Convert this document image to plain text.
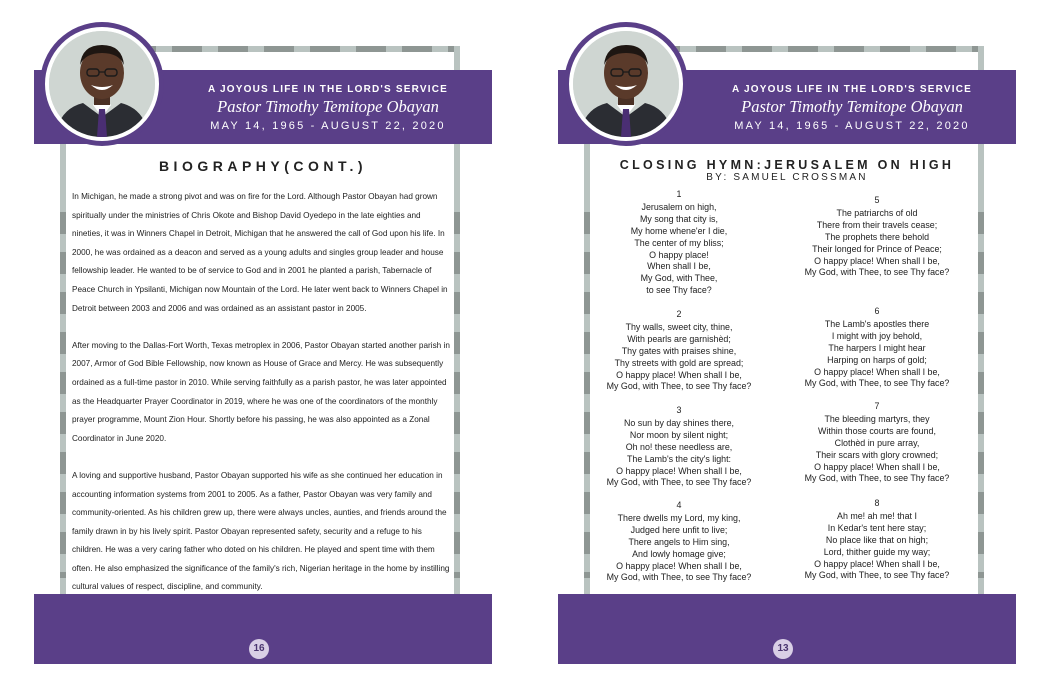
A JOYOUS LIFE IN THE LORD'S SERVICE
Pastor Timothy Temitope Obayan
MAY 14, 1965 - AUGUST 22, 2020
BIOGRAPHY(CONT.)

In Michigan, he made a strong pivot and was on fire for the Lord. Although Pastor Obayan had grown spiritually under the ministries of Chris Okote and Bishop David Oyedepo in the late eighties and nineties, it was in Winners Chapel in Detroit, Michigan that he answered the call of God upon his life. In 2000, he was ordained as a deacon and served as a young adults and singles group leader and house fellowship leader. He wanted to be of service to God and in 2001 he planted a parish, Tabernacle of Peace Church in Ypsilanti, Michigan now Mountain of the Lord. He later went back to Winners Chapel in Detroit between 2003 and 2006 and was ordained as an assistant pastor in 2005.

After moving to the Dallas-Fort Worth, Texas metroplex in 2006, Pastor Obayan started another parish in 2007, Armor of God Bible Fellowship, now known as House of Grace and Mercy. He was subsequently ordained as a full-time pastor in 2010. While serving faithfully as a parish pastor, he was later appointed as the Headquarter Prayer Coordinator in 2019, where he was one of the coordinators of the monthly prayer programme, Mount Zion Hour. Shortly before his passing, he was also appointed as a Zonal Coordinator in June 2020.

A loving and supportive husband, Pastor Obayan supported his wife as she continued her education in accounting information systems from 2001 to 2005. As a father, Pastor Obayan was very family and community-oriented. As his children grew up, there were always uncles, aunties, and friends around the family drawn in by his lively spirit. Pastor Obayan represented safety, security and a refuge to his children. He was a very caring father who doted on his children. He played and spent time with them often. He also emphasized the significance of the family's rich, Nigerian heritage in the home by instilling cultural values of respect, discipline, and community.

16
A JOYOUS LIFE IN THE LORD'S SERVICE
Pastor Timothy Temitope Obayan
MAY 14, 1965 - AUGUST 22, 2020
CLOSING HYMN:JERUSALEM ON HIGH
BY: SAMUEL CROSSMAN
1
Jerusalem on high,
My song that city is,
My home whene'er I die,
The center of my bliss;
O happy place!
When shall I be,
My God, with Thee,
to see Thy face?
2
Thy walls, sweet city, thine,
With pearls are garnishèd;
Thy gates with praises shine,
Thy streets with gold are spread;
O happy place! When shall I be,
My God, with Thee, to see Thy face?
3
No sun by day shines there,
Nor moon by silent night;
Oh no! these needless are,
The Lamb's the city's light:
O happy place! When shall I be,
My God, with Thee, to see Thy face?
4
There dwells my Lord, my king,
Judged here unfit to live;
There angels to Him sing,
And lowly homage give;
O happy place! When shall I be,
My God, with Thee, to see Thy face?
5
The patriarchs of old
There from their travels cease;
The prophets there behold
Their longed for Prince of Peace;
O happy place! When shall I be,
My God, with Thee, to see Thy face?
6
The Lamb's apostles there
I might with joy behold,
The harpers I might hear
Harping on harps of gold;
O happy place! When shall I be,
My God, with Thee, to see Thy face?
7
The bleeding martyrs, they
Within those courts are found,
Clothèd in pure array,
Their scars with glory crowned;
O happy place! When shall I be,
My God, with Thee, to see Thy face?
8
Ah me! ah me! that I
In Kedar's tent here stay;
No place like that on high;
Lord, thither guide my way;
O happy place! When shall I be,
My God, with Thee, to see Thy face?
13
